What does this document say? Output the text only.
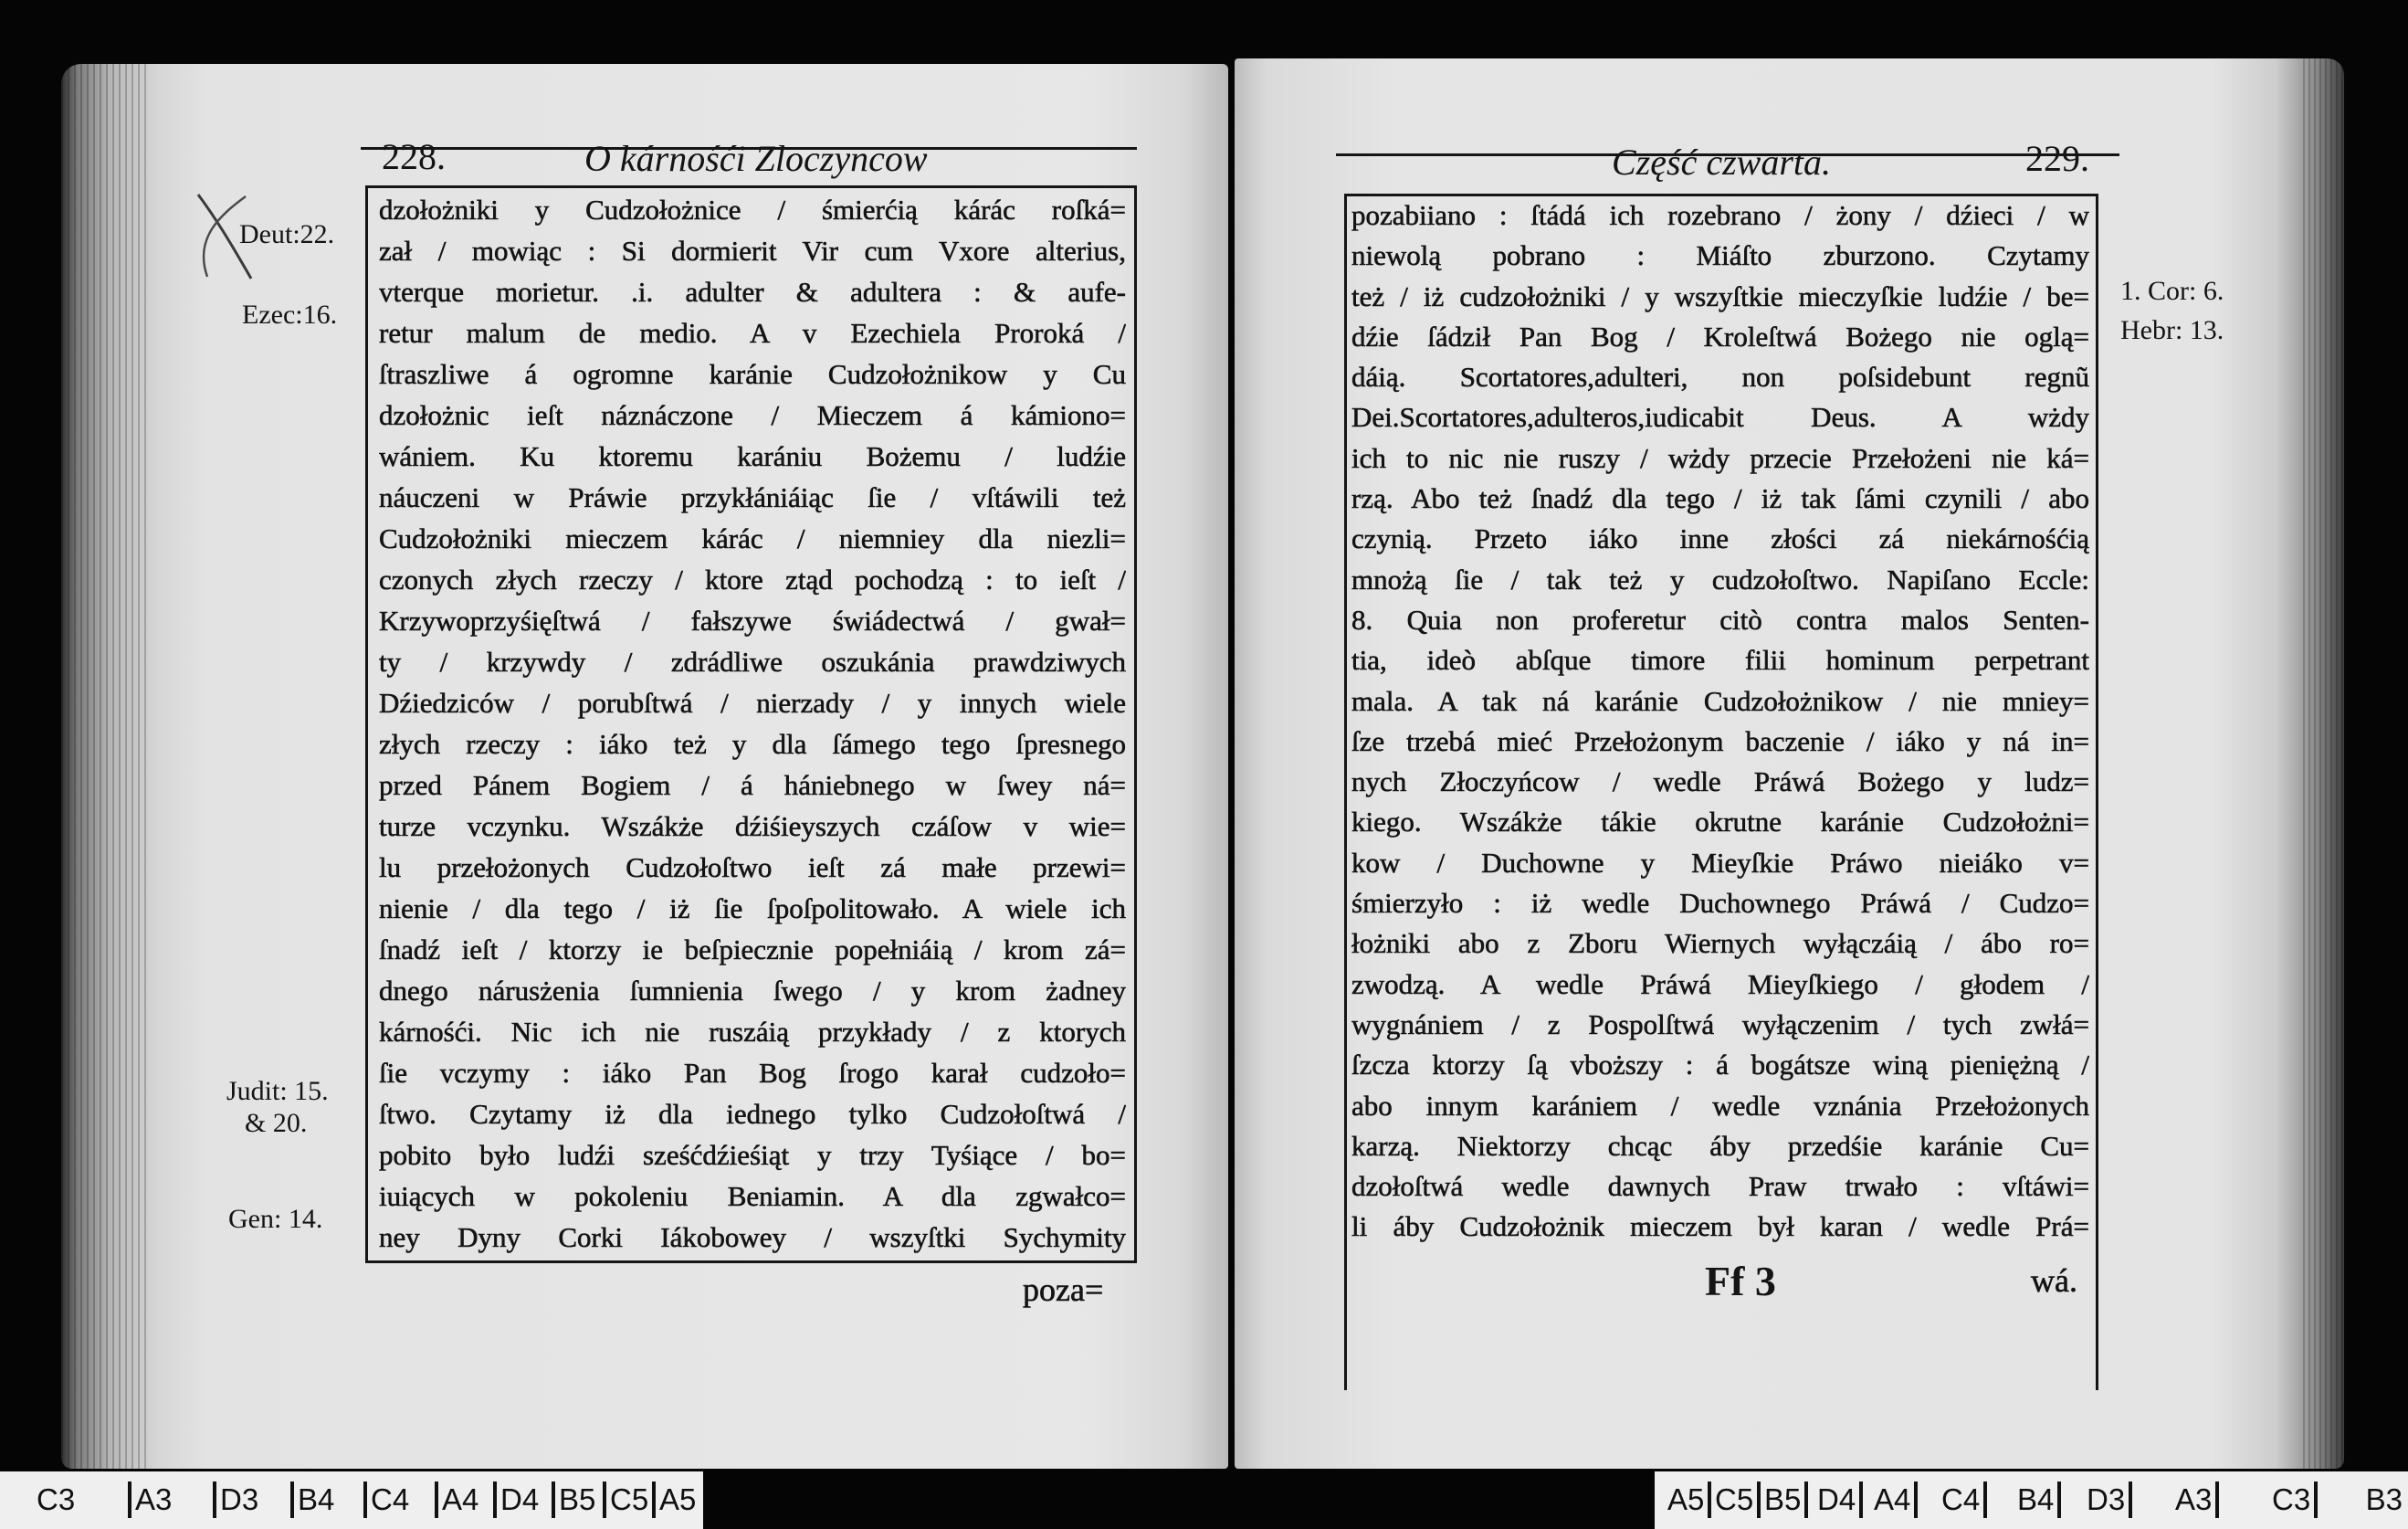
228.	O kárnośći Zloczyncow
dzołożniki y Cudzołożnice / śmierćią kárác roſká=
zał / mowiąc : Si dormierit Vir cum Vxore alterius,
vterque morietur. .i. adulter & adultera : & aufe-
retur malum de medio. A v Ezechiela Proroká /
ſtraszliwe á ogromne karánie Cudzołożnikow y Cu
dzołożnic ieſt náznáczone / Mieczem á kámiono=
wániem. Ku ktoremu karániu Bożemu / ludźie
náuczeni w Práwie przykłániáiąc ſie / vſtáwili też
Cudzołożniki mieczem kárác / niemniey dla niezli=
czonych złych rzeczy / ktore ztąd pochodzą : to ieſt /
Krzywoprzyśięſtwá / fałszywe świádectwá / gwał=
ty / krzywdy / zdrádliwe oszukánia prawdziwych
Dźiedziców / porubſtwá / nierzady / y innych wiele
złych rzeczy : iáko też y dla ſámego tego ſpresnego
przed Pánem Bogiem / á hániebnego w ſwey ná=
turze vczynku. Wszákże dźiśieyszych czáſow v wie=
lu przełożonych Cudzołoſtwo ieſt zá małe przewi=
nienie / dla tego / iż ſie ſpoſpolitowało. A wiele ich
ſnadź ieſt / ktorzy ie beſpiecznie popełniáią / krom zá=
dnego nárusżenia ſumnienia ſwego / y krom żadney
kárnośći. Nic ich nie ruszáią przykłady / z ktorych
ſie vczymy : iáko Pan Bog ſrogo karał cudzoło=
ſtwo. Czytamy iż dla iednego tylko Cudzołoſtwá /
pobito było ludźi sześćdźieśiąt y trzy Tyśiące / bo=
iuiących w pokoleniu Beniamin. A dla zgwałco=
ney Dyny Corki Iákobowey / wszyſtki Sychymity
Deut:22.
Ezec:16.
Judit: 15.
& 20.
Gen: 14.
poza=
Część czwarta.	229.
pozabiiano : ſtádá ich rozebrano / żony / dźieci / w
niewolą pobrano : Miáſto zburzono. Czytamy
też / iż cudzołożniki / y wszyſtkie mieczyſkie ludźie / be=
dźie ſádził Pan Bog / Kroleſtwá Bożego nie oglą=
dáią. Scortatores,adulteri, non poſsidebunt regnũ
Dei.Scortatores,adulteros,iudicabit Deus. A wżdy
ich to nic nie ruszy / wżdy przecie Przełożeni nie ká=
rzą. Abo też ſnadź dla tego / iż tak ſámi czynili / abo
czynią. Przeto iáko inne złości zá niekárnośćią
mnożą ſie / tak też y cudzołoſtwo. Napiſano Eccle:
8. Quia non proferetur citò contra malos Senten-
tia, ideò abſque timore filii hominum perpetrant
mala. A tak ná karánie Cudzołożnikow / nie mniey=
ſze trzebá mieć Przełożonym baczenie / iáko y ná in=
nych Złoczyńcow / wedle Práwá Bożego y ludz=
kiego. Wszákże tákie okrutne karánie Cudzołożni=
kow / Duchowne y Mieyſkie Práwo nieiáko v=
śmierzyło : iż wedle Duchownego Práwá / Cudzo=
łożniki abo z Zboru Wiernych wyłączáią / ábo ro=
zwodzą. A wedle Práwá Mieyſkiego / głodem /
wygnániem / z Pospolſtwá wyłączenim / tych zwłá=
ſzcza ktorzy ſą vboższy : á bogátsze winą pieniężną /
abo innym karániem / wedle vznánia Przełożonych
karzą. Niektorzy chcąc áby przedśie karánie Cu=
dzołoſtwá wedle dawnych Praw trwało : vſtáwi=
li áby Cudzołożnik mieczem był karan / wedle Prá=
1. Cor: 6.
Hebr: 13.
Ff 3	wá.
C3 A3 D3 B4 C4 A4 D4 B5 C5 A5	A5 C5 B5 D4 A4 C4 B4 D3 A3 C3 B3
